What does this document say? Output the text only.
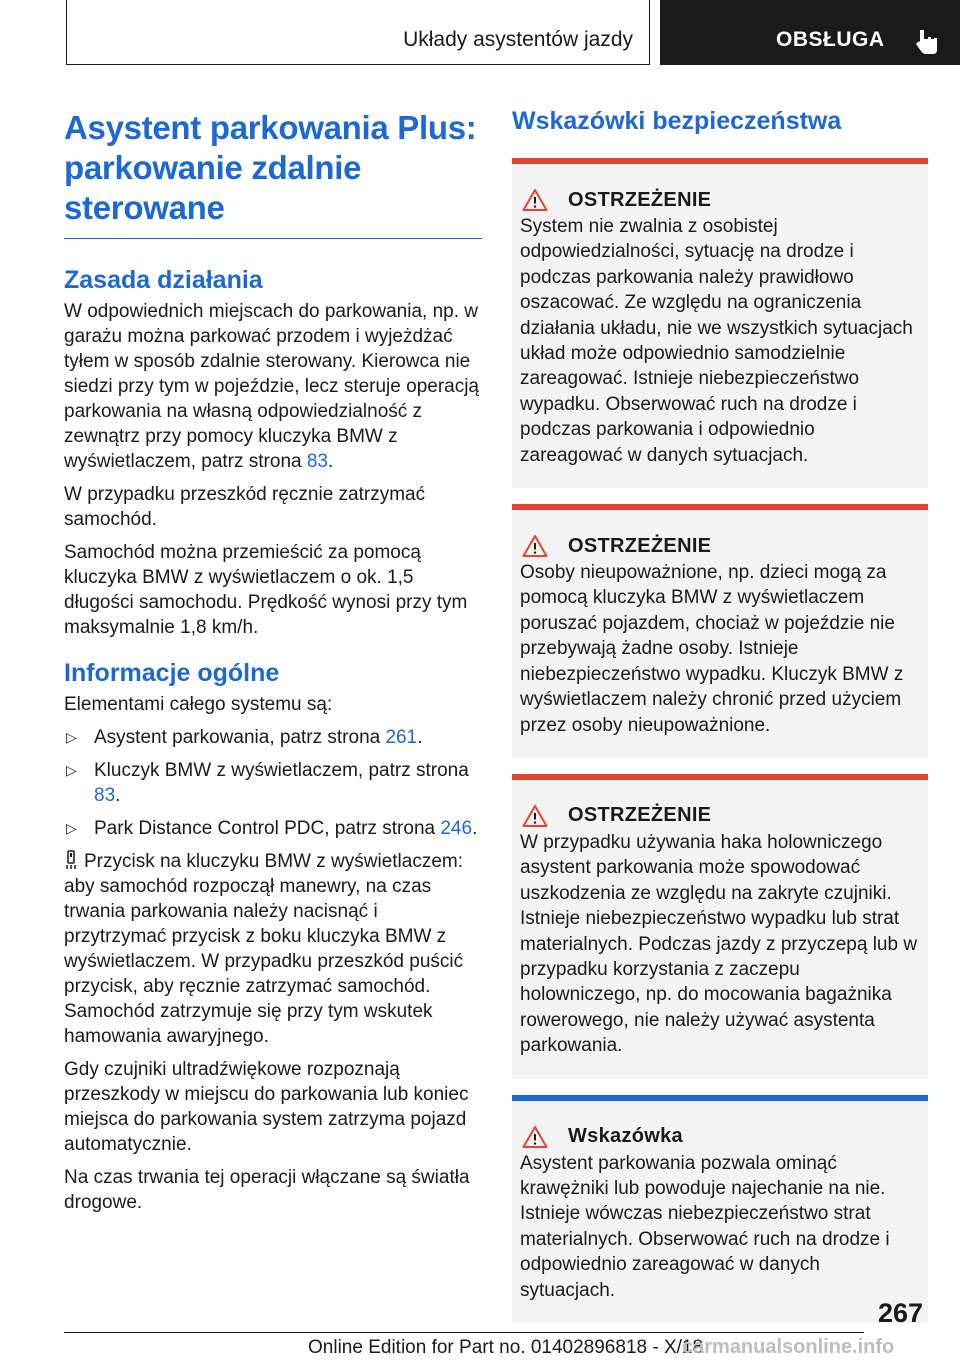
Układy asystentów jazdy	OBSŁUGA
Asystent parkowania Plus: parkowanie zdalnie sterowane
Zasada działania

W odpowiednich miejscach do parkowania, np. w garażu można parkować przodem i wyjeżdżać tyłem w sposób zdalnie sterowany. Kierowca nie siedzi przy tym w pojeździe, lecz steruje operacją parkowania na własną odpowiedzialność z zewnątrz przy pomocy kluczyka BMW z wyświetlaczem, patrz strona 83.

W przypadku przeszkód ręcznie zatrzymać samochód.

Samochód można przemieścić za pomocą kluczyka BMW z wyświetlaczem o ok. 1,5 długości samochodu. Prędkość wynosi przy tym maksymalnie 1,8 km/h.

Informacje ogólne

Elementami całego systemu są:

▷ Asystent parkowania, patrz strona 261.
▷ Kluczyk BMW z wyświetlaczem, patrz strona 83.
▷ Park Distance Control PDC, patrz strona 246.

Przycisk na kluczyku BMW z wyświetlaczem: aby samochód rozpoczął manewry, na czas trwania parkowania należy nacisnąć i przytrzymać przycisk z boku kluczyka BMW z wyświetlaczem. W przypadku przeszkód puścić przycisk, aby ręcznie zatrzymać samochód. Samochód zatrzymuje się przy tym wskutek hamowania awaryjnego.

Gdy czujniki ultradźwiękowe rozpoznają przeszkody w miejscu do parkowania lub koniec miejsca do parkowania system zatrzyma pojazd automatycznie.

Na czas trwania tej operacji włączane są światła drogowe.

Wskazówki bezpieczeństwa
OSTRZEŻENIE

System nie zwalnia z osobistej odpowiedzialności, sytuację na drodze i podczas parkowania należy prawidłowo oszacować. Ze względu na ograniczenia działania układu, nie we wszystkich sytuacjach układ może odpowiednio samodzielnie zareagować. Istnieje niebezpieczeństwo wypadku. Obserwować ruch na drodze i podczas parkowania i odpowiednio zareagować w danych sytuacjach.

OSTRZEŻENIE

Osoby nieupoważnione, np. dzieci mogą za pomocą kluczyka BMW z wyświetlaczem poruszać pojazdem, chociaż w pojeździe nie przebywają żadne osoby. Istnieje niebezpieczeństwo wypadku. Kluczyk BMW z wyświetlaczem należy chronić przed użyciem przez osoby nieupoważnione.

OSTRZEŻENIE

W przypadku używania haka holowniczego asystent parkowania może spowodować uszkodzenia ze względu na zakryte czujniki. Istnieje niebezpieczeństwo wypadku lub strat materialnych. Podczas jazdy z przyczepą lub w przypadku korzystania z zaczepu holowniczego, np. do mocowania bagażnika rowerowego, nie należy używać asystenta parkowania.

Wskazówka

Asystent parkowania pozwala ominąć krawężniki lub powoduje najechanie na nie. Istnieje wówczas niebezpieczeństwo strat materialnych. Obserwować ruch na drodze i odpowiednio zareagować w danych sytuacjach.

267
Online Edition for Part no. 01402896818 - X/18
carmanualsonline.info
